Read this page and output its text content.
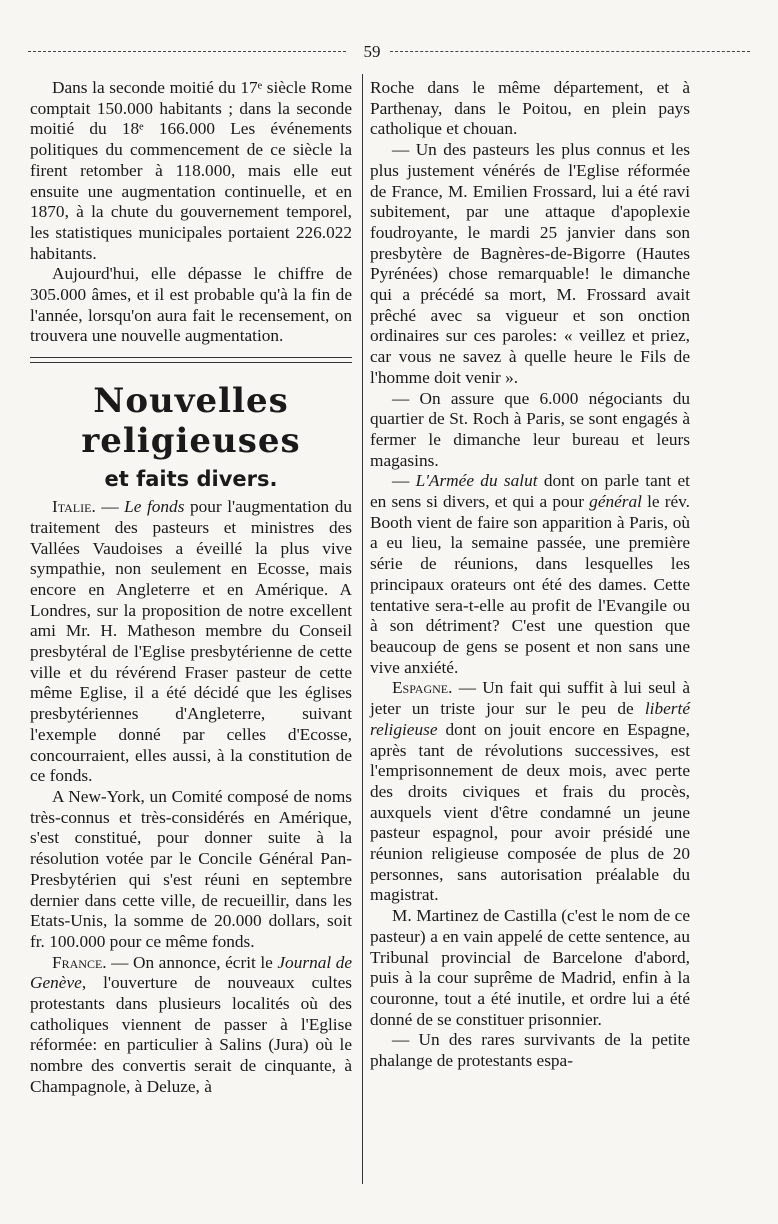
59

Dans la seconde moitié du 17ᵉ siècle Rome comptait 150.000 habitants ; dans la seconde moitié du 18ᵉ 166.000 Les événements politiques du commencement de ce siècle la firent retomber à 118.000, mais elle eut ensuite une augmentation continuelle, et en 1870, à la chute du gouvernement temporel, les statistiques municipales portaient 226.022 habitants.

Aujourd'hui, elle dépasse le chiffre de 305.000 âmes, et il est probable qu'à la fin de l'année, lorsqu'on aura fait le recensement, on trouvera une nouvelle augmentation.

Nouvelles religieuses
et faits divers.

Italie. — Le fonds pour l'augmentation du traitement des pasteurs et ministres des Vallées Vaudoises a éveillé la plus vive sympathie, non seulement en Ecosse, mais encore en Angleterre et en Amérique. A Londres, sur la proposition de notre excellent ami Mr. H. Matheson membre du Conseil presbytéral de l'Eglise presbytérienne de cette ville et du révérend Fraser pasteur de cette même Eglise, il a été décidé que les églises presbytériennes d'Angleterre, suivant l'exemple donné par celles d'Ecosse, concourraient, elles aussi, à la constitution de ce fonds.

A New-York, un Comité composé de noms très-connus et très-considérés en Amérique, s'est constitué, pour donner suite à la résolution votée par le Concile Général Pan-Presbytérien qui s'est réuni en septembre dernier dans cette ville, de recueillir, dans les Etats-Unis, la somme de 20.000 dollars, soit fr. 100.000 pour ce même fonds.

France. — On annonce, écrit le Journal de Genève, l'ouverture de nouveaux cultes protestants dans plusieurs localités où des catholiques viennent de passer à l'Eglise réformée: en particulier à Salins (Jura) où le nombre des convertis serait de cinquante, à Champagnole, à Deluze, à

Roche dans le même département, et à Parthenay, dans le Poitou, en plein pays catholique et chouan.

— Un des pasteurs les plus connus et les plus justement vénérés de l'Eglise réformée de France, M. Emilien Frossard, lui a été ravi subitement, par une attaque d'apoplexie foudroyante, le mardi 25 janvier dans son presbytère de Bagnères-de-Bigorre (Hautes Pyrénées) chose remarquable! le dimanche qui a précédé sa mort, M. Frossard avait prêché avec sa vigueur et son onction ordinaires sur ces paroles: « veillez et priez, car vous ne savez à quelle heure le Fils de l'homme doit venir ».

— On assure que 6.000 négociants du quartier de St. Roch à Paris, se sont engagés à fermer le dimanche leur bureau et leurs magasins.

— L'Armée du salut dont on parle tant et en sens si divers, et qui a pour général le rév. Booth vient de faire son apparition à Paris, où a eu lieu, la semaine passée, une première série de réunions, dans lesquelles les principaux orateurs ont été des dames. Cette tentative sera-t-elle au profit de l'Evangile ou à son détriment? C'est une question que beaucoup de gens se posent et non sans une vive anxiété.

Espagne. — Un fait qui suffit à lui seul à jeter un triste jour sur le peu de liberté religieuse dont on jouit encore en Espagne, après tant de révolutions successives, est l'emprisonnement de deux mois, avec perte des droits civiques et frais du procès, auxquels vient d'être condamné un jeune pasteur espagnol, pour avoir présidé une réunion religieuse composée de plus de 20 personnes, sans autorisation préalable du magistrat.

M. Martinez de Castilla (c'est le nom de ce pasteur) a en vain appelé de cette sentence, au Tribunal provincial de Barcelone d'abord, puis à la cour suprême de Madrid, enfin à la couronne, tout a été inutile, et ordre lui a été donné de se constituer prisonnier.

— Un des rares survivants de la petite phalange de protestants espa-
